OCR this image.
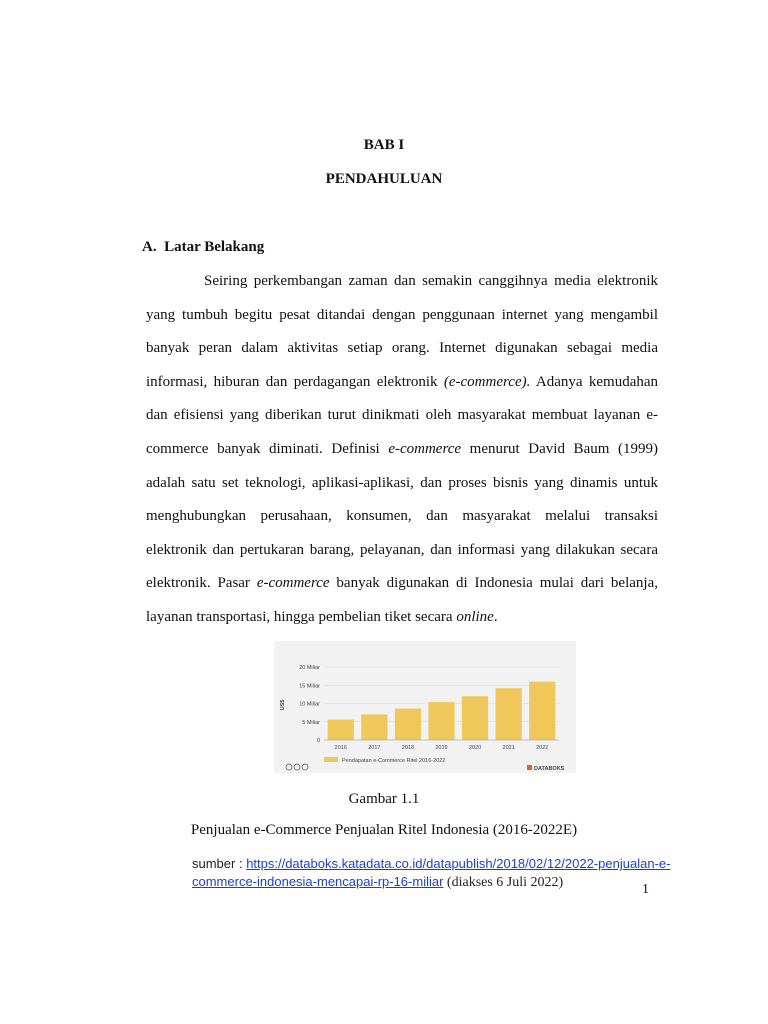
BAB I
PENDAHULUAN
A.  Latar Belakang
Seiring perkembangan zaman dan semakin canggihnya media elektronik
yang tumbuh begitu pesat ditandai dengan penggunaan internet yang mengambil
banyak peran dalam aktivitas setiap orang. Internet digunakan sebagai media
informasi, hiburan dan perdagangan elektronik (e-commerce). Adanya kemudahan
dan efisiensi yang diberikan turut dinikmati oleh masyarakat membuat layanan e-
commerce banyak diminati. Definisi e-commerce menurut David Baum (1999)
adalah satu set teknologi, aplikasi-aplikasi, dan proses bisnis yang dinamis untuk
menghubungkan perusahaan, konsumen, dan masyarakat melalui transaksi
elektronik dan pertukaran barang, pelayanan, dan informasi yang dilakukan secara
elektronik. Pasar e-commerce banyak digunakan di Indonesia mulai dari belanja,
layanan transportasi, hingga pembelian tiket secara online.
0
5 Miliar
10 Miliar
15 Miliar
20 Miliar
US$
2016	2017	2018	2019	2020	2021	2022
Pendapatan e-Commerce Ritel 2016-2022
DATABOKS
Gambar 1.1
Penjualan e-Commerce Penjualan Ritel Indonesia (2016-2022E)
sumber : https://databoks.katadata.co.id/datapublish/2018/02/12/2022-penjualan-e-
commerce-indonesia-mencapai-rp-16-miliar (diakses 6 Juli 2022)	1
